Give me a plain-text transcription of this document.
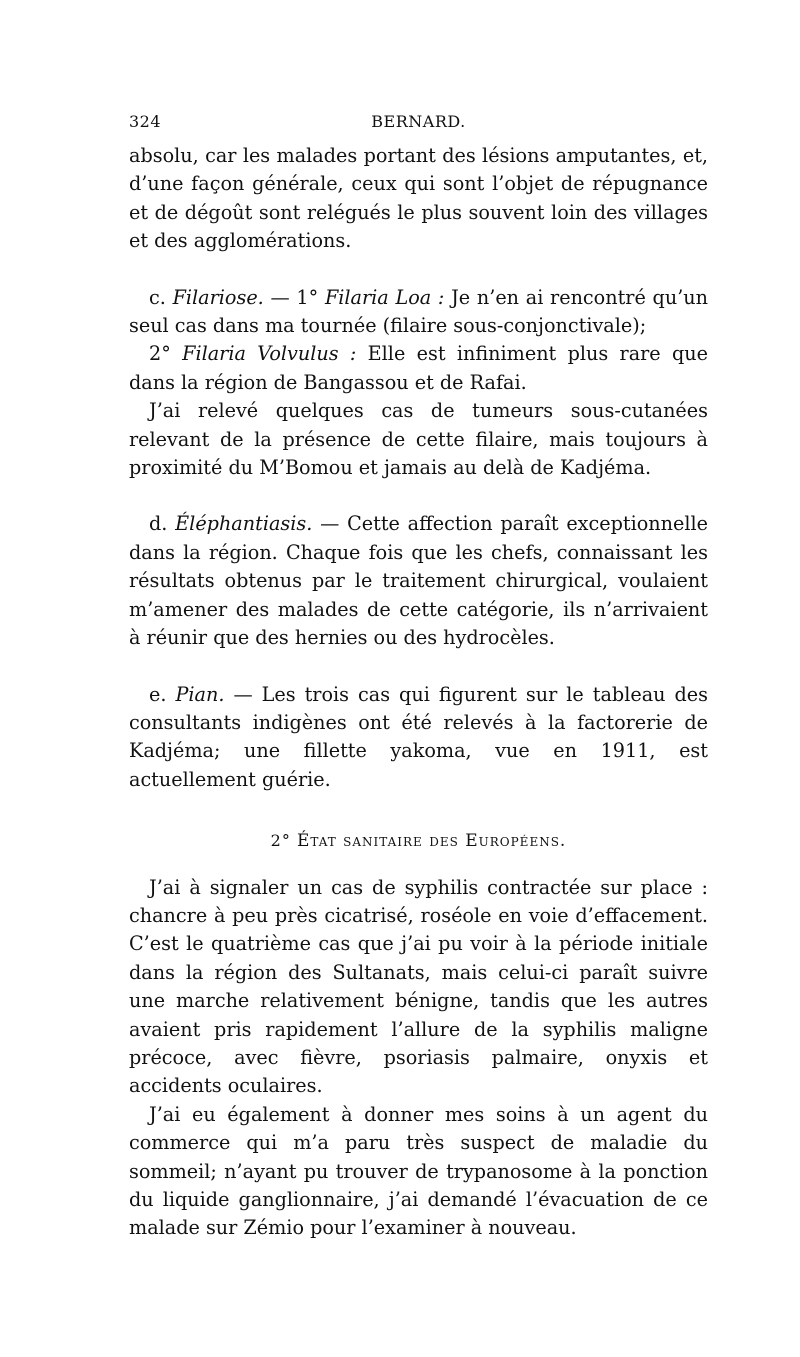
324	BERNARD.

absolu, car les malades portant des lésions amputantes, et, d’une façon générale, ceux qui sont l’objet de répugnance et de dégoût sont relégués le plus souvent loin des villages et des agglomérations.

c. Filariose. — 1° Filaria Loa : Je n’en ai rencontré qu’un seul cas dans ma tournée (filaire sous-conjonctivale);

2° Filaria Volvulus : Elle est infiniment plus rare que dans la région de Bangassou et de Rafai.

J’ai relevé quelques cas de tumeurs sous-cutanées relevant de la présence de cette filaire, mais toujours à proximité du M’Bomou et jamais au delà de Kadjéma.

d. Éléphantiasis. — Cette affection paraît exceptionnelle dans la région. Chaque fois que les chefs, connaissant les résultats obtenus par le traitement chirurgical, voulaient m’amener des malades de cette catégorie, ils n’arrivaient à réunir que des hernies ou des hydrocèles.

e. Pian. — Les trois cas qui figurent sur le tableau des consultants indigènes ont été relevés à la factorerie de Kadjéma; une fillette yakoma, vue en 1911, est actuellement guérie.

2° État sanitaire des Européens.

J’ai à signaler un cas de syphilis contractée sur place : chancre à peu près cicatrisé, roséole en voie d’effacement. C’est le quatrième cas que j’ai pu voir à la période initiale dans la région des Sultanats, mais celui-ci paraît suivre une marche relativement bénigne, tandis que les autres avaient pris rapidement l’allure de la syphilis maligne précoce, avec fièvre, psoriasis palmaire, onyxis et accidents oculaires.

J’ai eu également à donner mes soins à un agent du commerce qui m’a paru très suspect de maladie du sommeil; n’ayant pu trouver de trypanosome à la ponction du liquide ganglionnaire, j’ai demandé l’évacuation de ce malade sur Zémio pour l’examiner à nouveau.
